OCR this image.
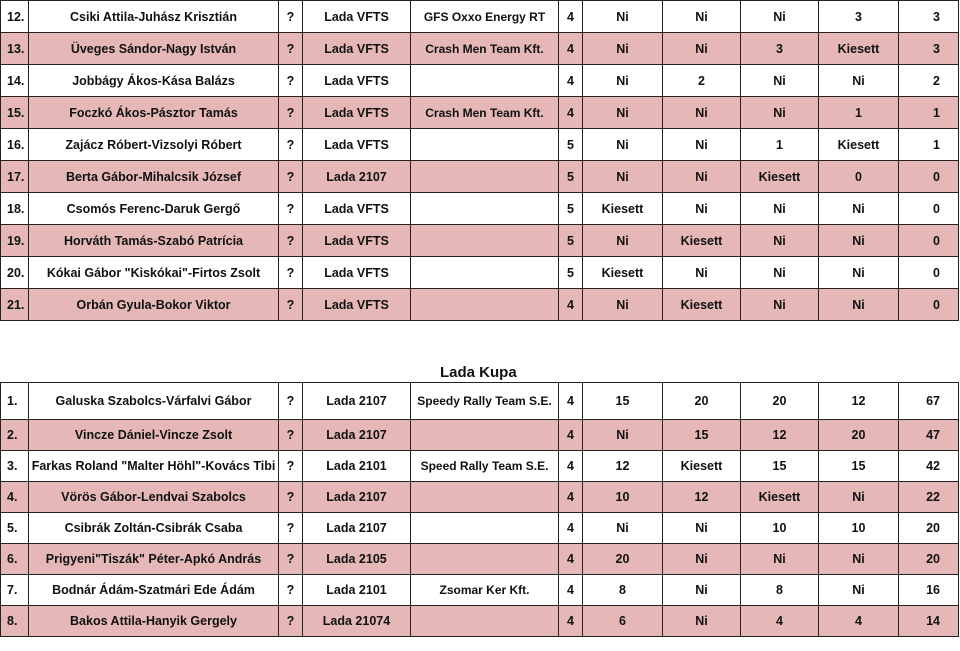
12.	Csiki Attila-Juhász Krisztián	?	Lada VFTS	GFS Oxxo Energy RT	4	Ni	Ni	Ni	3	3
13.	Üveges Sándor-Nagy István	?	Lada VFTS	Crash Men Team Kft.	4	Ni	Ni	3	Kiesett	3
14.	Jobbágy Ákos-Kása Balázs	?	Lada VFTS		4	Ni	2	Ni	Ni	2
15.	Foczkó Ákos-Pásztor Tamás	?	Lada VFTS	Crash Men Team Kft.	4	Ni	Ni	Ni	1	1
16.	Zajácz Róbert-Vizsolyi Róbert	?	Lada VFTS		5	Ni	Ni	1	Kiesett	1
17.	Berta Gábor-Mihalcsik József	?	Lada 2107		5	Ni	Ni	Kiesett	0	0
18.	Csomós Ferenc-Daruk Gergő	?	Lada VFTS		5	Kiesett	Ni	Ni	Ni	0
19.	Horváth Tamás-Szabó Patrícia	?	Lada VFTS		5	Ni	Kiesett	Ni	Ni	0
20.	Kókai Gábor "Kiskókai"-Firtos Zsolt	?	Lada VFTS		5	Kiesett	Ni	Ni	Ni	0
21.	Orbán Gyula-Bokor Viktor	?	Lada VFTS		4	Ni	Kiesett	Ni	Ni	0
Lada Kupa
1.	Galuska Szabolcs-Várfalvi Gábor	?	Lada 2107	Speedy Rally Team S.E.	4	15	20	20	12	67
2.	Vincze Dániel-Vincze Zsolt	?	Lada 2107		4	Ni	15	12	20	47
3.	Farkas Roland "Malter Höhl"-Kovács Tibi	?	Lada 2101	Speed Rally Team S.E.	4	12	Kiesett	15	15	42
4.	Vörös Gábor-Lendvai Szabolcs	?	Lada 2107		4	10	12	Kiesett	Ni	22
5.	Csibrák Zoltán-Csibrák Csaba	?	Lada 2107		4	Ni	Ni	10	10	20
6.	Prigyeni"Tiszák" Péter-Apkó András	?	Lada 2105		4	20	Ni	Ni	Ni	20
7.	Bodnár Ádám-Szatmári Ede Ádám	?	Lada 2101	Zsomar Ker Kft.	4	8	Ni	8	Ni	16
8.	Bakos Attila-Hanyik Gergely	?	Lada 21074		4	6	Ni	4	4	14
